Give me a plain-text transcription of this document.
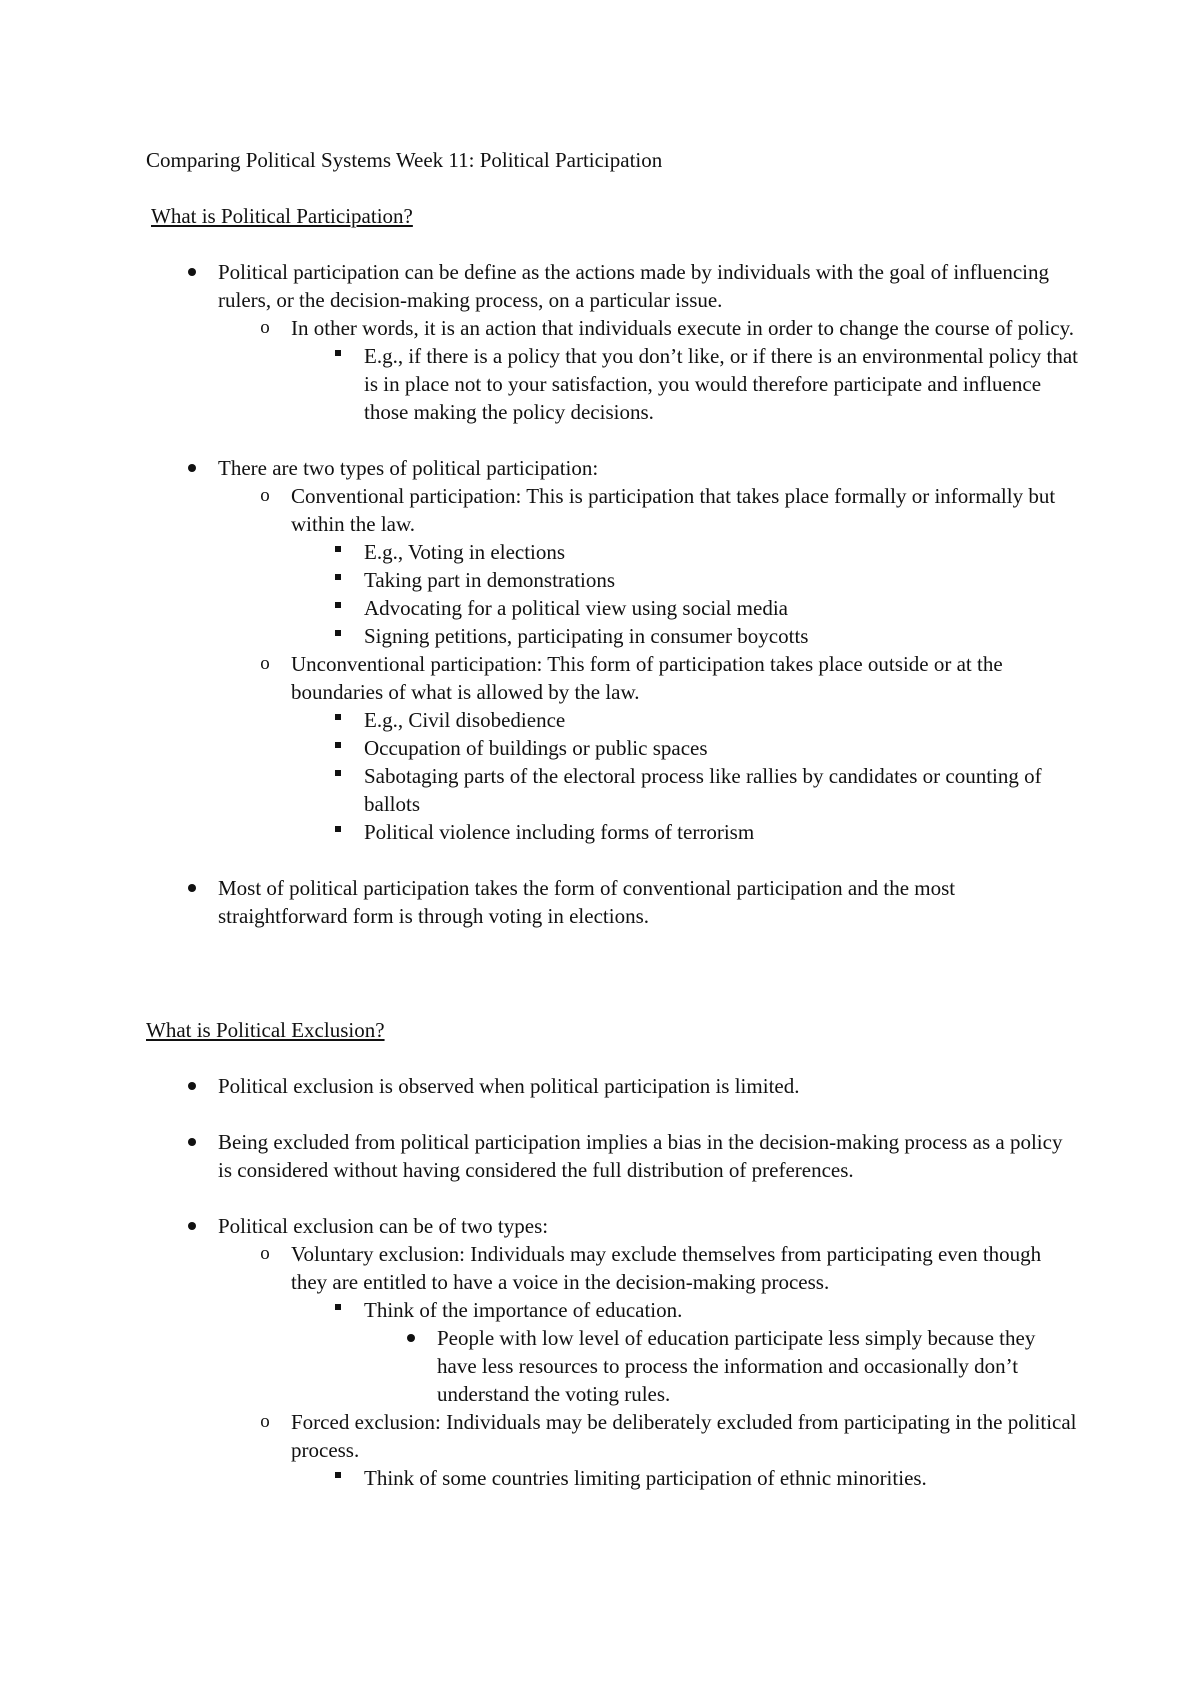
Comparing Political Systems Week 11: Political Participation
What is Political Participation?
Political participation can be define as the actions made by individuals with the goal of influencing rulers, or the decision-making process, on a particular issue.
o In other words, it is an action that individuals execute in order to change the course of policy.
E.g., if there is a policy that you don’t like, or if there is an environmental policy that is in place not to your satisfaction, you would therefore participate and influence those making the policy decisions.
There are two types of political participation:
o Conventional participation: This is participation that takes place formally or informally but within the law.
E.g., Voting in elections
Taking part in demonstrations
Advocating for a political view using social media
Signing petitions, participating in consumer boycotts
o Unconventional participation: This form of participation takes place outside or at the boundaries of what is allowed by the law.
E.g., Civil disobedience
Occupation of buildings or public spaces
Sabotaging parts of the electoral process like rallies by candidates or counting of ballots
Political violence including forms of terrorism
Most of political participation takes the form of conventional participation and the most straightforward form is through voting in elections.
What is Political Exclusion?
Political exclusion is observed when political participation is limited.
Being excluded from political participation implies a bias in the decision-making process as a policy is considered without having considered the full distribution of preferences.
Political exclusion can be of two types:
o Voluntary exclusion: Individuals may exclude themselves from participating even though they are entitled to have a voice in the decision-making process.
Think of the importance of education.
People with low level of education participate less simply because they have less resources to process the information and occasionally don’t understand the voting rules.
o Forced exclusion: Individuals may be deliberately excluded from participating in the political process.
Think of some countries limiting participation of ethnic minorities.
